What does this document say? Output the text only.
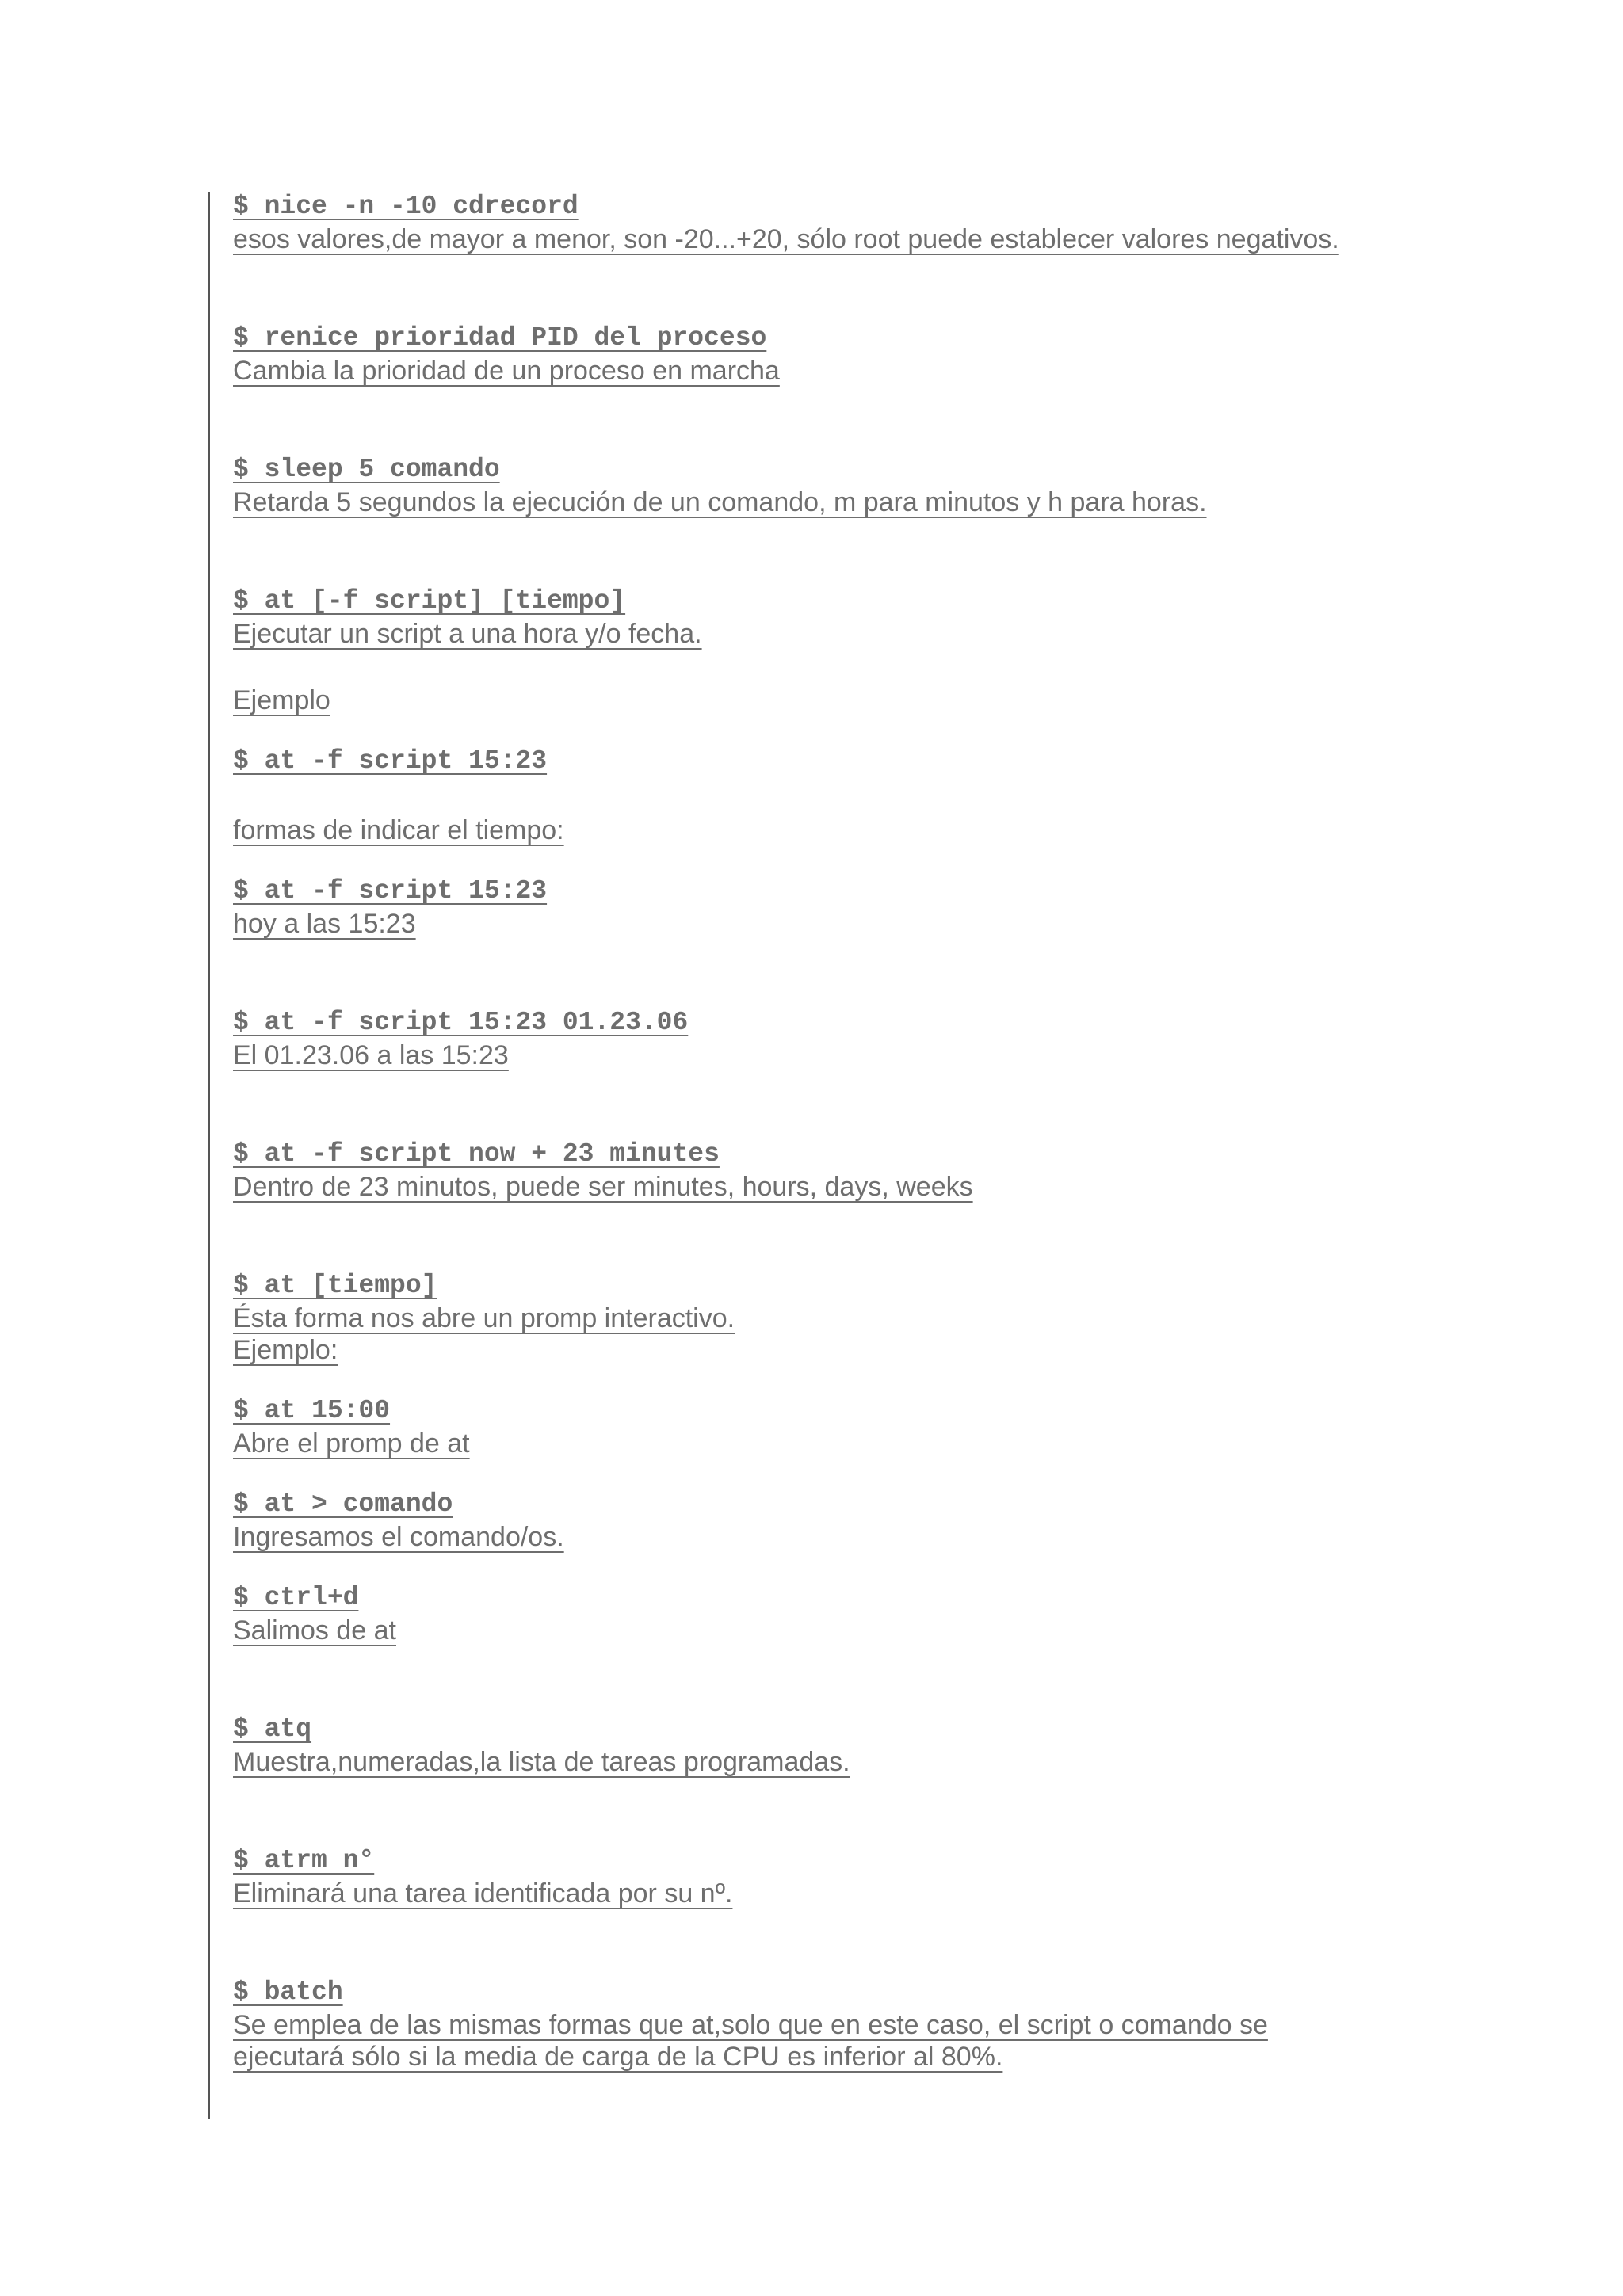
$ nice -n -10 cdrecord
esos valores,de mayor a menor, son -20...+20, sólo root puede establecer valores negativos.
$ renice prioridad PID del proceso
Cambia la prioridad de un proceso en marcha
$ sleep 5 comando
Retarda 5 segundos la ejecución de un comando, m para minutos y h para horas.
$ at [-f script] [tiempo]
Ejecutar un script a una hora y/o fecha.
Ejemplo
$ at -f script 15:23
formas de indicar el tiempo:
$ at -f script 15:23
hoy a las 15:23
$ at -f script 15:23 01.23.06
El 01.23.06 a las 15:23
$ at -f script now + 23 minutes
Dentro de 23 minutos, puede ser minutes, hours, days, weeks
$ at [tiempo]
Ésta forma nos abre un promp interactivo.
Ejemplo:
$ at 15:00
Abre el promp de at
$ at > comando
Ingresamos el comando/os.
$ ctrl+d
Salimos de at
$ atq
Muestra,numeradas,la lista de tareas programadas.
$ atrm n°
Eliminará una tarea identificada por su nº.
$ batch
Se emplea de las mismas formas que at,solo que en este caso, el script o comando se
ejecutará sólo si la media de carga de la CPU es inferior al 80%.
